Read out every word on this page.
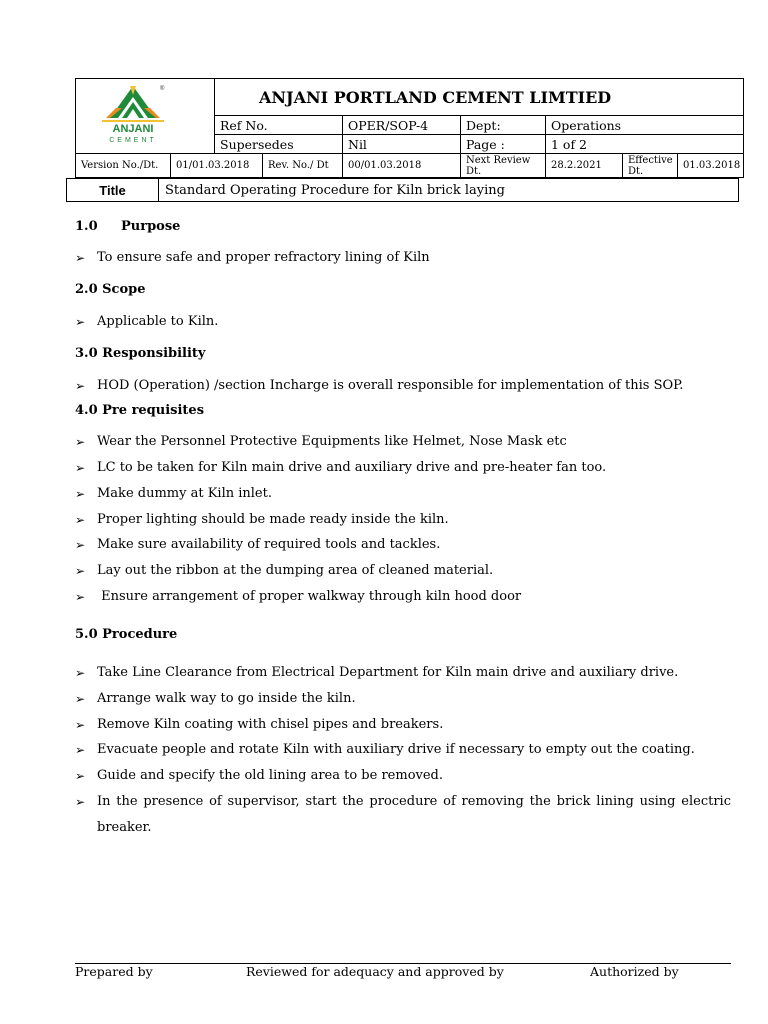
ANJANI
CEMENT
®		ANJANI PORTLAND CEMENT LIMTIED						
		Ref No.		OPER/SOP-4	Dept:	Operations		
		Supersedes		Nil	Page :	1 of 2		
Version No./Dt.	01/01.03.2018		Rev. No./ Dt	00/01.03.2018	Next Review Dt.	28.2.2021	Effective Dt.	01.03.2018
Title	Standard Operating Procedure for Kiln brick laying
1.0 Purpose
➢ To ensure safe and proper refractory lining of Kiln
2.0 Scope
➢ Applicable to Kiln.
3.0 Responsibility
➢ HOD (Operation) /section Incharge is overall responsible for implementation of this SOP.
4.0 Pre requisites
➢ Wear the Personnel Protective Equipments like Helmet, Nose Mask etc
➢ LC to be taken for Kiln main drive and auxiliary drive and pre-heater fan too.
➢ Make dummy at Kiln inlet.
➢ Proper lighting should be made ready inside the kiln.
➢ Make sure availability of required tools and tackles.
➢ Lay out the ribbon at the dumping area of cleaned material.
➢ Ensure arrangement of proper walkway through kiln hood door
5.0 Procedure
➢ Take Line Clearance from Electrical Department for Kiln main drive and auxiliary drive.
➢ Arrange walk way to go inside the kiln.
➢ Remove Kiln coating with chisel pipes and breakers.
➢ Evacuate people and rotate Kiln with auxiliary drive if necessary to empty out the coating.
➢ Guide and specify the old lining area to be removed.
➢ In the presence of supervisor, start the procedure of removing the brick lining using electric breaker.
Prepared by	Reviewed for adequacy and approved by	Authorized by
